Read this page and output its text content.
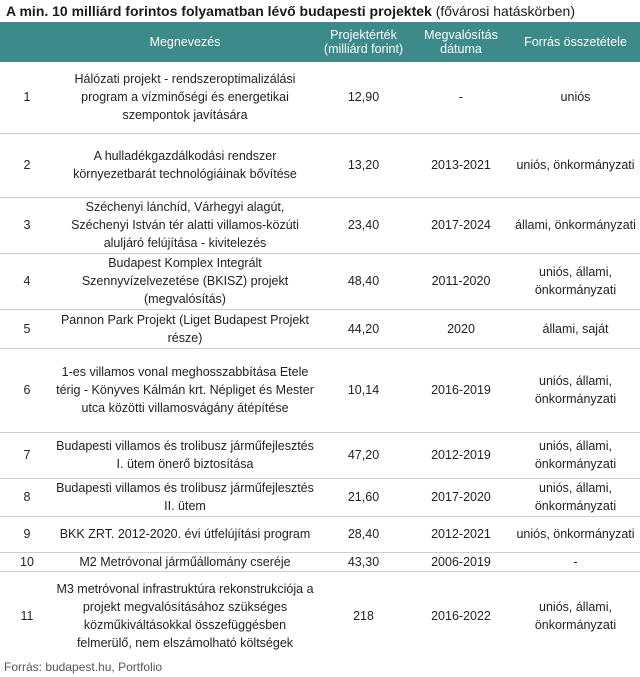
A min. 10 milliárd forintos folyamatban lévő budapesti projektek (fővárosi hatáskörben)
	Megnevezés	Projektérték (milliárd forint)	Megvalósítás dátuma	Forrás összetétele
1	Hálózati projekt - rendszeroptimalizálási program a vízminőségi és energetikai szempontok javítására	12,90	-	uniós
2	A hulladékgazdálkodási rendszer környezetbarát technológiáinak bővítése	13,20	2013-2021	uniós, önkormányzati
3	Széchenyi lánchíd, Várhegyi alagút, Széchenyi István tér alatti villamos-közúti aluljáró felújítása - kivitelezés	23,40	2017-2024	állami, önkormányzati
4	Budapest Komplex Integrált Szennyvízelvezetése (BKISZ) projekt (megvalósítás)	48,40	2011-2020	uniós, állami, önkormányzati
5	Pannon Park Projekt (Liget Budapest Projekt része)	44,20	2020	állami, saját
6	1-es villamos vonal meghosszabbítása Etele térig - Könyves Kálmán krt. Népliget és Mester utca közötti villamosvágány átépítése	10,14	2016-2019	uniós, állami, önkormányzati
7	Budapesti villamos és trolibusz járműfejlesztés I. ütem önerő biztosítása	47,20	2012-2019	uniós, állami, önkormányzati
8	Budapesti villamos és trolibusz járműfejlesztés II. ütem	21,60	2017-2020	uniós, állami, önkormányzati
9	BKK ZRT. 2012-2020. évi útfelújítási program	28,40	2012-2021	uniós, önkormányzati
10	M2 Metróvonal járműállomány cseréje	43,30	2006-2019	-
11	M3 metróvonal infrastruktúra rekonstrukciója a projekt megvalósításához szükséges közműkiváltásokkal összefüggésben felmerülő, nem elszámolható költségek	218	2016-2022	uniós, állami, önkormányzati
Forrás: budapest.hu, Portfolio
